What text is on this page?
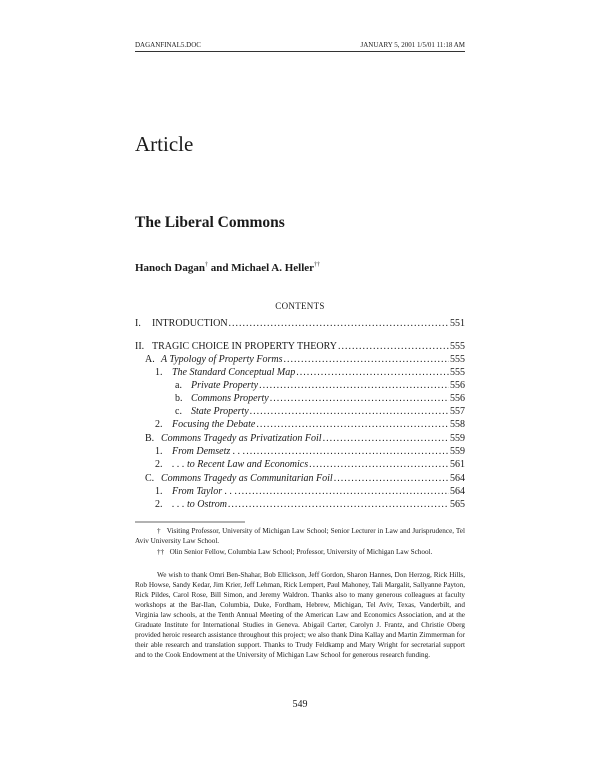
DAGANFINAL5.DOC	JANUARY 5, 2001 1/5/01 11:18 AM
Article
The Liberal Commons
Hanoch Dagan† and Michael A. Heller††
CONTENTS
I.	INTRODUCTION .....	551
II. TRAGIC CHOICE IN PROPERTY THEORY .....	555
A. A Typology of Property Forms .....	555
1. The Standard Conceptual Map .....	555
a. Private Property .....	556
b. Commons Property .....	556
c. State Property .....	557
2. Focusing the Debate .....	558
B. Commons Tragedy as Privatization Foil .....	559
1. From Demsetz . . . .....	559
2. . . . to Recent Law and Economics .....	561
C. Commons Tragedy as Communitarian Foil .....	564
1. From Taylor . . . .....	564
2. . . . to Ostrom .....	565
† Visiting Professor, University of Michigan Law School; Senior Lecturer in Law and Jurisprudence, Tel Aviv University Law School.
†† Olin Senior Fellow, Columbia Law School; Professor, University of Michigan Law School.
We wish to thank Omri Ben-Shahar, Bob Ellickson, Jeff Gordon, Sharon Hannes, Don Herzog, Rick Hills, Rob Howse, Sandy Kedar, Jim Krier, Jeff Lehman, Rick Lempert, Paul Mahoney, Tali Margalit, Sallyanne Payton, Rick Pildes, Carol Rose, Bill Simon, and Jeremy Waldron. Thanks also to many generous colleagues at faculty workshops at the Bar-Ilan, Columbia, Duke, Fordham, Hebrew, Michigan, Tel Aviv, Texas, Vanderbilt, and Virginia law schools, at the Tenth Annual Meeting of the American Law and Economics Association, and at the Graduate Institute for International Studies in Geneva. Abigail Carter, Carolyn J. Frantz, and Christie Oberg provided heroic research assistance throughout this project; we also thank Dina Kallay and Martin Zimmerman for their able research and translation support. Thanks to Trudy Feldkamp and Mary Wright for secretarial support and to the Cook Endowment at the University of Michigan Law School for generous research funding.
549
